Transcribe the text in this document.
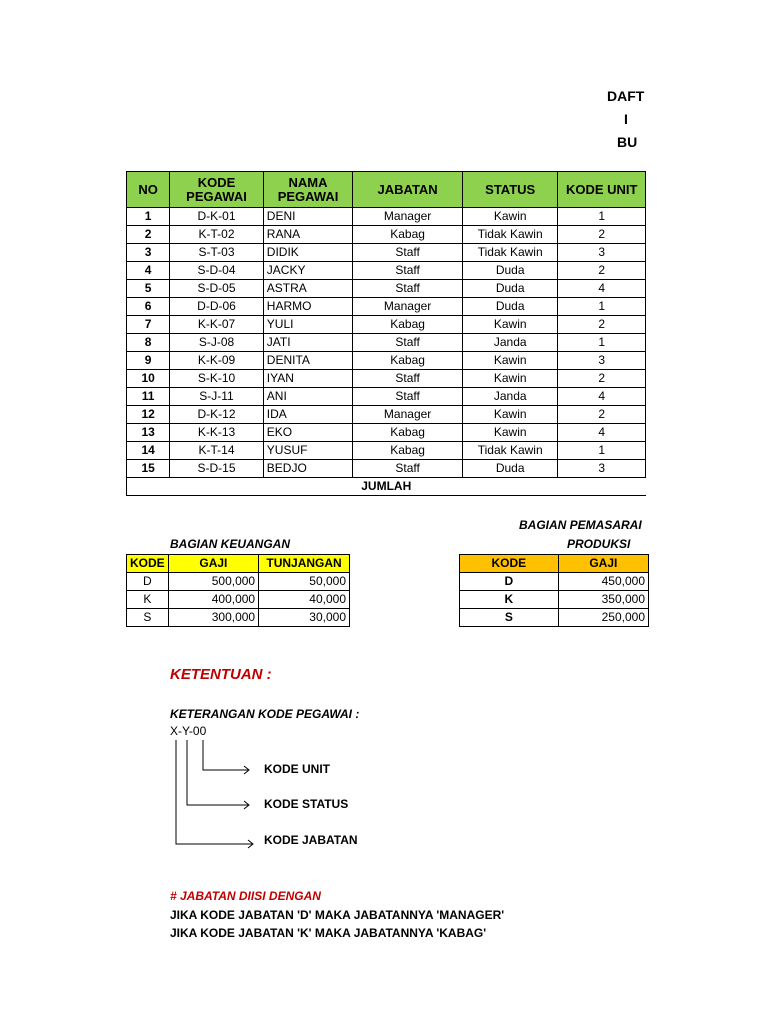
DAFT
I
BU
NO	KODE PEGAWAI	NAMA PEGAWAI	JABATAN	STATUS	KODE UNIT
1	D-K-01	DENI	Manager	Kawin	1
2	K-T-02	RANA	Kabag	Tidak Kawin	2
3	S-T-03	DIDIK	Staff	Tidak Kawin	3
4	S-D-04	JACKY	Staff	Duda	2
5	S-D-05	ASTRA	Staff	Duda	4
6	D-D-06	HARMO	Manager	Duda	1
7	K-K-07	YULI	Kabag	Kawin	2
8	S-J-08	JATI	Staff	Janda	1
9	K-K-09	DENITA	Kabag	Kawin	3
10	S-K-10	IYAN	Staff	Kawin	2
11	S-J-11	ANI	Staff	Janda	4
12	D-K-12	IDA	Manager	Kawin	2
13	K-K-13	EKO	Kabag	Kawin	4
14	K-T-14	YUSUF	Kabag	Tidak Kawin	1
15	S-D-15	BEDJO	Staff	Duda	3
JUMLAH					
BAGIAN KEUANGAN
KODE	GAJI	TUNJANGAN
D	500,000	50,000
K	400,000	40,000
S	300,000	30,000
BAGIAN PEMASARAI
PRODUKSI
KODE	GAJI
D	450,000
K	350,000
S	250,000
KETENTUAN :
KETERANGAN KODE PEGAWAI :
X-Y-00
KODE UNIT
KODE STATUS
KODE JABATAN
# JABATAN DIISI DENGAN
JIKA KODE JABATAN 'D' MAKA JABATANNYA 'MANAGER'
JIKA KODE JABATAN 'K' MAKA JABATANNYA 'KABAG'
